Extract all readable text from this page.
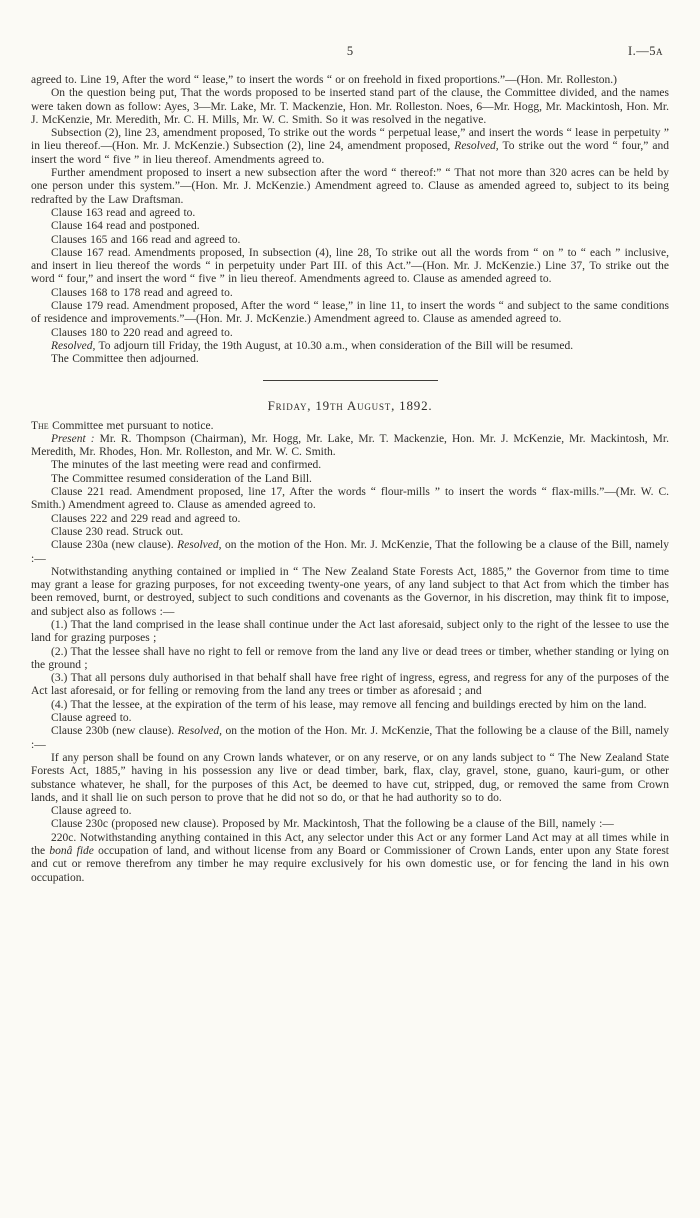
5	I.—5a

agreed to. Line 19, After the word “ lease,” to insert the words “ or on freehold in fixed proportions.”—(Hon. Mr. Rolleston.)

On the question being put, That the words proposed to be inserted stand part of the clause, the Committee divided, and the names were taken down as follow: Ayes, 3—Mr. Lake, Mr. T. Mackenzie, Hon. Mr. Rolleston. Noes, 6—Mr. Hogg, Mr. Mackintosh, Hon. Mr. J. McKenzie, Mr. Meredith, Mr. C. H. Mills, Mr. W. C. Smith. So it was resolved in the negative.

Subsection (2), line 23, amendment proposed, To strike out the words “ perpetual lease,” and insert the words “ lease in perpetuity ” in lieu thereof.—(Hon. Mr. J. McKenzie.) Subsection (2), line 24, amendment proposed, Resolved, To strike out the word “ four,” and insert the word “ five ” in lieu thereof. Amendments agreed to.

Further amendment proposed to insert a new subsection after the word “ thereof:” “ That not more than 320 acres can be held by one person under this system.”—(Hon. Mr. J. McKenzie.) Amendment agreed to. Clause as amended agreed to, subject to its being redrafted by the Law Draftsman.

Clause 163 read and agreed to.

Clause 164 read and postponed.

Clauses 165 and 166 read and agreed to.

Clause 167 read. Amendments proposed, In subsection (4), line 28, To strike out all the words from “ on ” to “ each ” inclusive, and insert in lieu thereof the words “ in perpetuity under Part III. of this Act.”—(Hon. Mr. J. McKenzie.) Line 37, To strike out the word “ four,” and insert the word “ five ” in lieu thereof. Amendments agreed to. Clause as amended agreed to.

Clauses 168 to 178 read and agreed to.

Clause 179 read. Amendment proposed, After the word “ lease,” in line 11, to insert the words “ and subject to the same conditions of residence and improvements.”—(Hon. Mr. J. McKenzie.) Amendment agreed to. Clause as amended agreed to.

Clauses 180 to 220 read and agreed to.

Resolved, To adjourn till Friday, the 19th August, at 10.30 a.m., when consideration of the Bill will be resumed.

The Committee then adjourned.

Friday, 19th August, 1892.

The Committee met pursuant to notice.

Present : Mr. R. Thompson (Chairman), Mr. Hogg, Mr. Lake, Mr. T. Mackenzie, Hon. Mr. J. McKenzie, Mr. Mackintosh, Mr. Meredith, Mr. Rhodes, Hon. Mr. Rolleston, and Mr. W. C. Smith.

The minutes of the last meeting were read and confirmed.

The Committee resumed consideration of the Land Bill.

Clause 221 read. Amendment proposed, line 17, After the words “ flour-mills ” to insert the words “ flax-mills.”—(Mr. W. C. Smith.) Amendment agreed to. Clause as amended agreed to.

Clauses 222 and 229 read and agreed to.

Clause 230 read. Struck out.

Clause 230a (new clause). Resolved, on the motion of the Hon. Mr. J. McKenzie, That the following be a clause of the Bill, namely :—

Notwithstanding anything contained or implied in “ The New Zealand State Forests Act, 1885,” the Governor from time to time may grant a lease for grazing purposes, for not exceeding twenty-one years, of any land subject to that Act from which the timber has been removed, burnt, or destroyed, subject to such conditions and covenants as the Governor, in his discretion, may think fit to impose, and subject also as follows :—

(1.) That the land comprised in the lease shall continue under the Act last aforesaid, subject only to the right of the lessee to use the land for grazing purposes ;

(2.) That the lessee shall have no right to fell or remove from the land any live or dead trees or timber, whether standing or lying on the ground ;

(3.) That all persons duly authorised in that behalf shall have free right of ingress, egress, and regress for any of the purposes of the Act last aforesaid, or for felling or removing from the land any trees or timber as aforesaid ; and

(4.) That the lessee, at the expiration of the term of his lease, may remove all fencing and buildings erected by him on the land.

Clause agreed to.

Clause 230b (new clause). Resolved, on the motion of the Hon. Mr. J. McKenzie, That the following be a clause of the Bill, namely :—

If any person shall be found on any Crown lands whatever, or on any reserve, or on any lands subject to “ The New Zealand State Forests Act, 1885,” having in his possession any live or dead timber, bark, flax, clay, gravel, stone, guano, kauri-gum, or other substance whatever, he shall, for the purposes of this Act, be deemed to have cut, stripped, dug, or removed the same from Crown lands, and it shall lie on such person to prove that he did not so do, or that he had authority so to do.

Clause agreed to.

Clause 230c (proposed new clause). Proposed by Mr. Mackintosh, That the following be a clause of the Bill, namely :—

220c. Notwithstanding anything contained in this Act, any selector under this Act or any former Land Act may at all times while in the bonâ fide occupation of land, and without license from any Board or Commissioner of Crown Lands, enter upon any State forest and cut or remove therefrom any timber he may require exclusively for his own domestic use, or for fencing the land in his own occupation.
